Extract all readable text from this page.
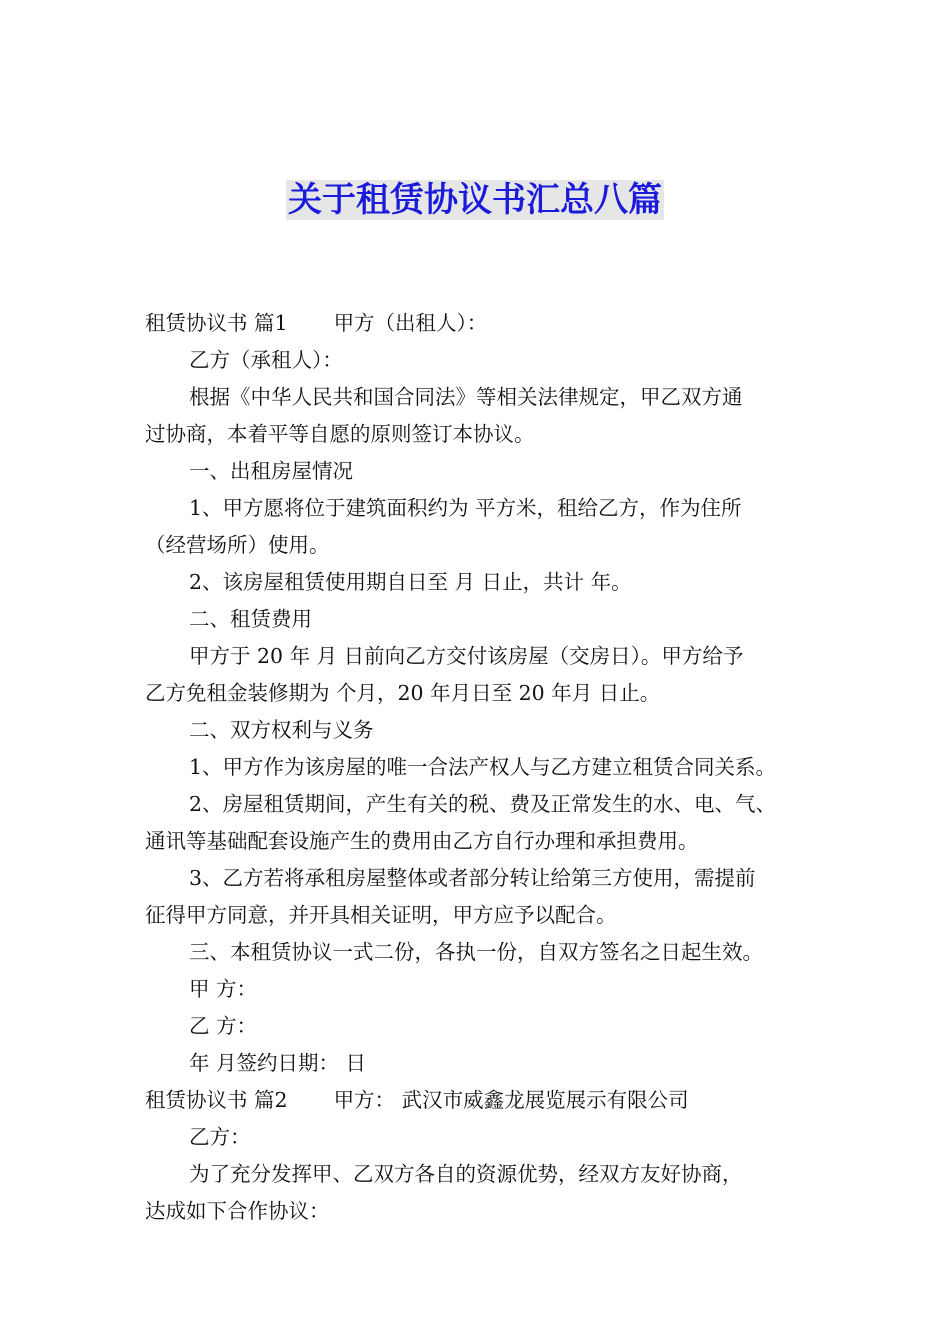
关于租赁协议书汇总八篇
租赁协议书 篇1 甲方（出租人）：
乙方（承租人）：
根据《中华人民共和国合同法》等相关法律规定，甲乙双方通
过协商，本着平等自愿的原则签订本协议。
一、出租房屋情况
1、甲方愿将位于建筑面积约为 平方米，租给乙方，作为住所
（经营场所）使用。
2、该房屋租赁使用期自日至 月 日止，共计 年。
二、租赁费用
甲方于 20 年 月 日前向乙方交付该房屋（交房日）。甲方给予
乙方免租金装修期为 个月，20 年月日至 20 年月 日止。
二、双方权利与义务
1、甲方作为该房屋的唯一合法产权人与乙方建立租赁合同关系。
2、房屋租赁期间，产生有关的税、费及正常发生的水、电、气、
通讯等基础配套设施产生的费用由乙方自行办理和承担费用。
3、乙方若将承租房屋整体或者部分转让给第三方使用，需提前
征得甲方同意，并开具相关证明，甲方应予以配合。
三、本租赁协议一式二份，各执一份，自双方签名之日起生效。
甲 方：
乙 方：
年 月签约日期： 日
租赁协议书 篇2 甲方： 武汉市威鑫龙展览展示有限公司
乙方：
为了充分发挥甲、乙双方各自的资源优势，经双方友好协商，
达成如下合作协议：
